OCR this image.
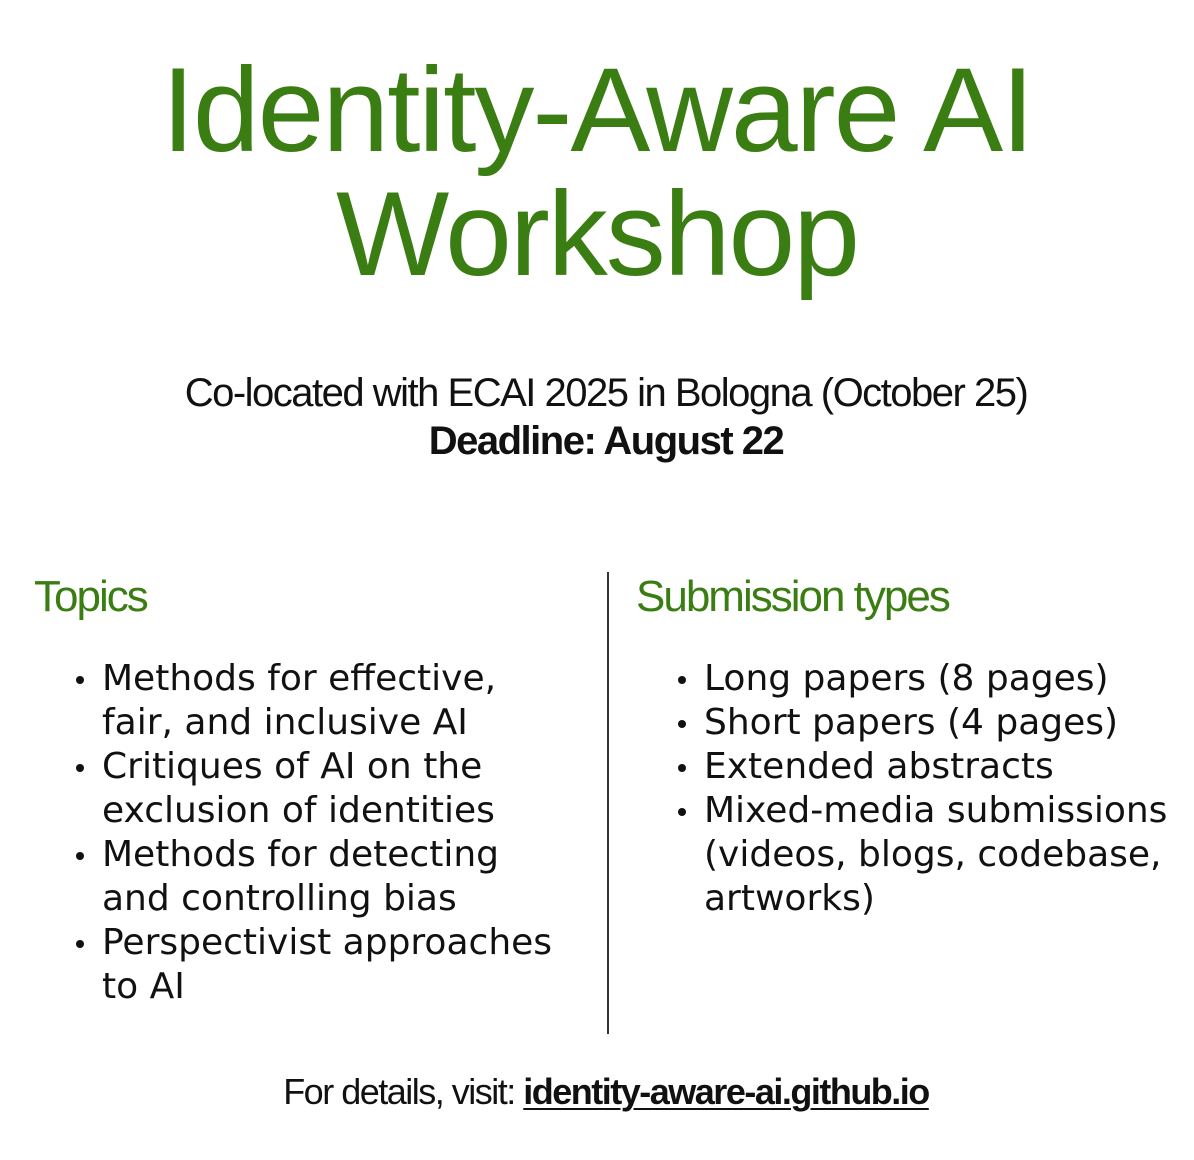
Identity-Aware AI
Workshop
Co-located with ECAI 2025 in Bologna (October 25)
Deadline: August 22
Topics	Submission types
Methods for effective, fair, and inclusive AI
Critiques of AI on the exclusion of identities
Methods for detecting and controlling bias
Perspectivist approaches to AI
Long papers (8 pages)
Short papers (4 pages)
Extended abstracts
Mixed-media submissions (videos, blogs, codebase, artworks)
For details, visit: identity-aware-ai.github.io
